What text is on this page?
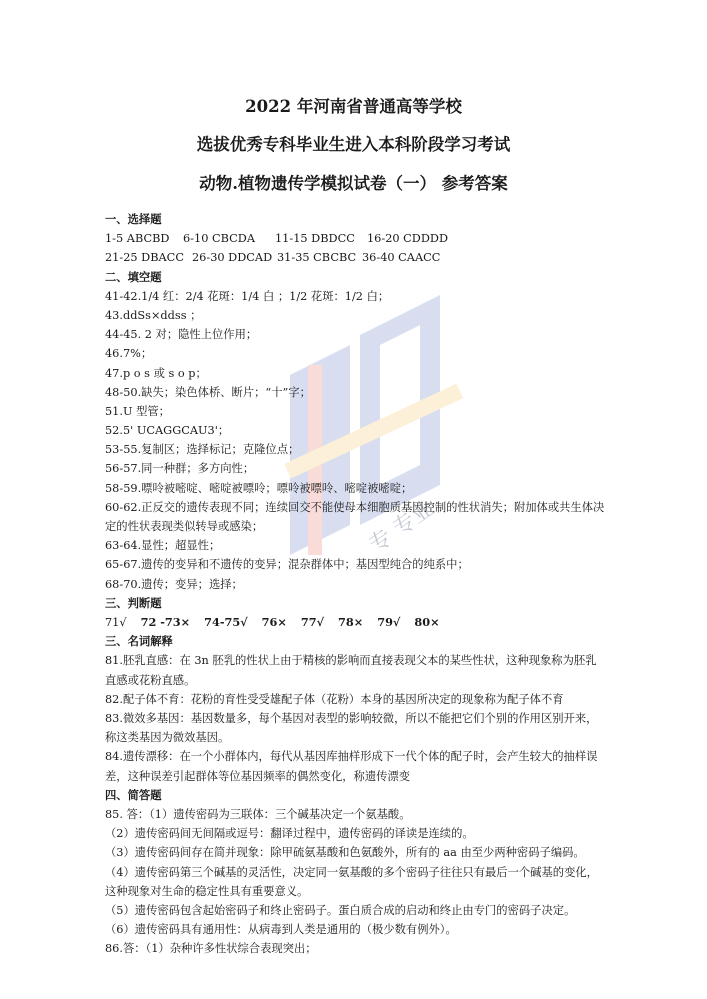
专 专业
2022 年河南省普通高等学校
选拔优秀专科毕业生进入本科阶段学习考试
动物.植物遗传学模拟试卷（一） 参考答案
一、选择题
1-5 ABCBD 6-10 CBCDA 11-15 DBDCC 16-20 CDDDD
21-25 DBACC 26-30 DDCAD 31-35 CBCBC 36-40 CAACC
二、填空题
41-42.1/4 红：2/4 花斑：1/4 白 ；1/2 花斑：1/2 白；
43.ddSs×ddss ；
44-45. 2 对；隐性上位作用；
46.7%；
47.p o s 或 s o p；
48-50.缺失；染色体桥、断片；“十”字；
51.U 型管；
52.5' UCAGGCAU3'；
53-55.复制区；选择标记；克隆位点；
56-57.同一种群；多方向性；
58-59.嘌呤被嘧啶、嘧啶被嘌呤；嘌呤被嘌呤、嘧啶被嘧啶；
60-62.正反交的遗传表现不同；连续回交不能使母本细胞质基因控制的性状消失；附加体或共生体决定的性状表现类似转导或感染；
63-64.显性；超显性；
65-67.遗传的变异和不遗传的变异；混杂群体中；基因型纯合的纯系中；
68-70.遗传；变异；选择；
三、判断题
71√ 72 -73× 74-75√ 76× 77√ 78× 79√ 80×
三、名词解释
81.胚乳直感：在 3n 胚乳的性状上由于精核的影响而直接表现父本的某些性状，这种现象称为胚乳直感或花粉直感。
82.配子体不育：花粉的育性受受雄配子体（花粉）本身的基因所决定的现象称为配子体不育
83.微效多基因：基因数量多，每个基因对表型的影响较微，所以不能把它们个别的作用区别开来，称这类基因为微效基因。
84.遗传漂移：在一个小群体内，每代从基因库抽样形成下一代个体的配子时，会产生较大的抽样误差，这种误差引起群体等位基因频率的偶然变化，称遗传漂变
四、简答题
85. 答：（1）遗传密码为三联体：三个碱基决定一个氨基酸。
（2）遗传密码间无间隔或逗号：翻译过程中，遗传密码的译读是连续的。
（3）遗传密码间存在简并现象：除甲硫氨基酸和色氨酸外，所有的 aa 由至少两种密码子编码。
（4）遗传密码第三个碱基的灵活性，决定同一氨基酸的多个密码子往往只有最后一个碱基的变化，这种现象对生命的稳定性具有重要意义。
（5）遗传密码包含起始密码子和终止密码子。蛋白质合成的启动和终止由专门的密码子决定。
（6）遗传密码具有通用性：从病毒到人类是通用的（极少数有例外）。
86.答：（1）杂种许多性状综合表现突出；
